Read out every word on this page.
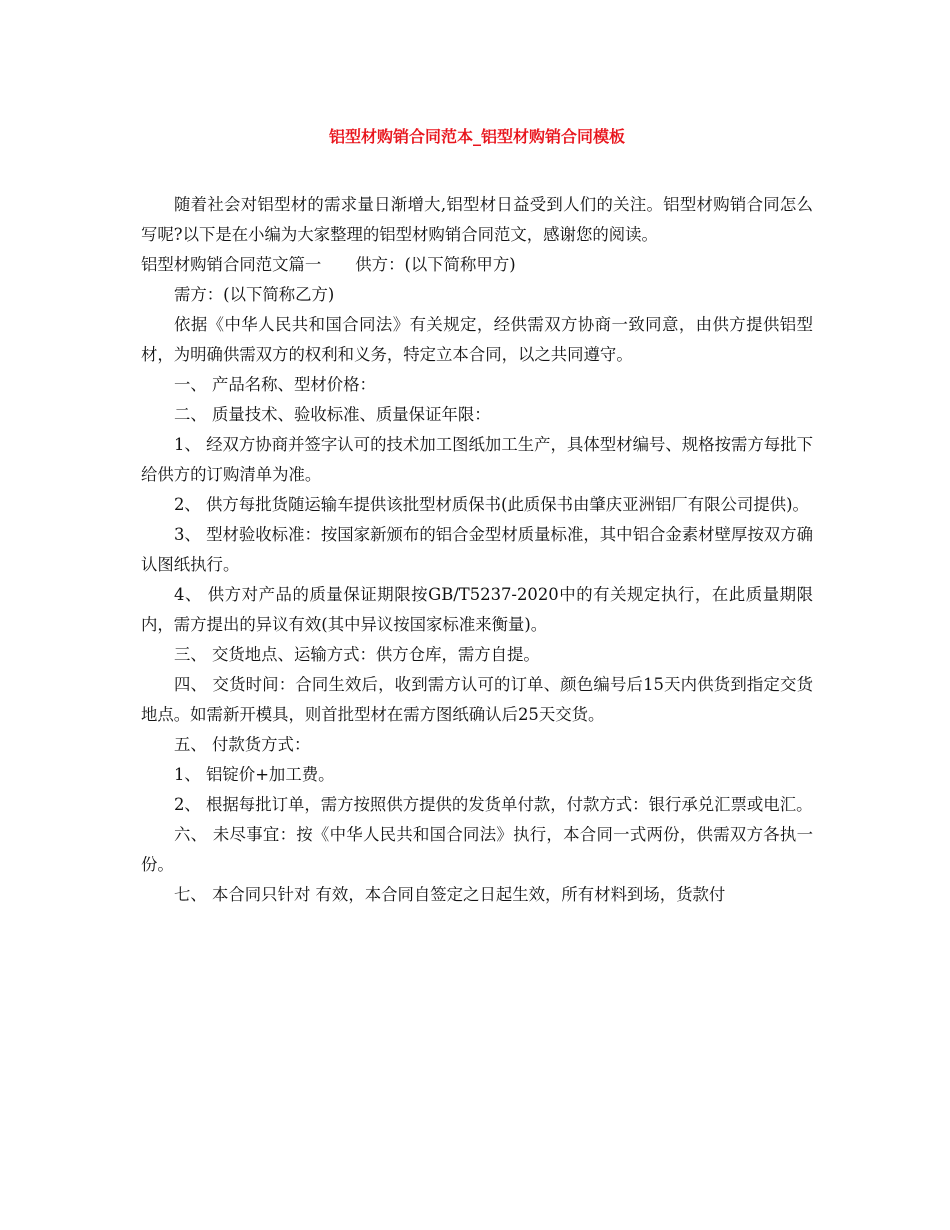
铝型材购销合同范本_铝型材购销合同模板

随着社会对铝型材的需求量日渐增大,铝型材日益受到人们的关注。铝型材购销合同怎么写呢?以下是在小编为大家整理的铝型材购销合同范文，感谢您的阅读。

铝型材购销合同范文篇一 供方：(以下简称甲方)

需方：(以下简称乙方)

依据《中华人民共和国合同法》有关规定，经供需双方协商一致同意，由供方提供铝型材，为明确供需双方的权利和义务，特定立本合同，以之共同遵守。

一、 产品名称、型材价格：

二、 质量技术、验收标准、质量保证年限：

1、 经双方协商并签字认可的技术加工图纸加工生产，具体型材编号、规格按需方每批下给供方的订购清单为准。

2、 供方每批货随运输车提供该批型材质保书(此质保书由肇庆亚洲铝厂有限公司提供)。

3、 型材验收标准：按国家新颁布的铝合金型材质量标准，其中铝合金素材壁厚按双方确认图纸执行。

4、 供方对产品的质量保证期限按GB/T5237-2020中的有关规定执行，在此质量期限内，需方提出的异议有效(其中异议按国家标准来衡量)。

三、 交货地点、运输方式：供方仓库，需方自提。

四、 交货时间：合同生效后，收到需方认可的订单、颜色编号后15天内供货到指定交货地点。如需新开模具，则首批型材在需方图纸确认后25天交货。

五、 付款货方式：

1、 铝锭价+加工费。

2、 根据每批订单，需方按照供方提供的发货单付款，付款方式：银行承兑汇票或电汇。

六、 未尽事宜：按《中华人民共和国合同法》执行，本合同一式两份，供需双方各执一份。

七、 本合同只针对 有效，本合同自签定之日起生效，所有材料到场，货款付
